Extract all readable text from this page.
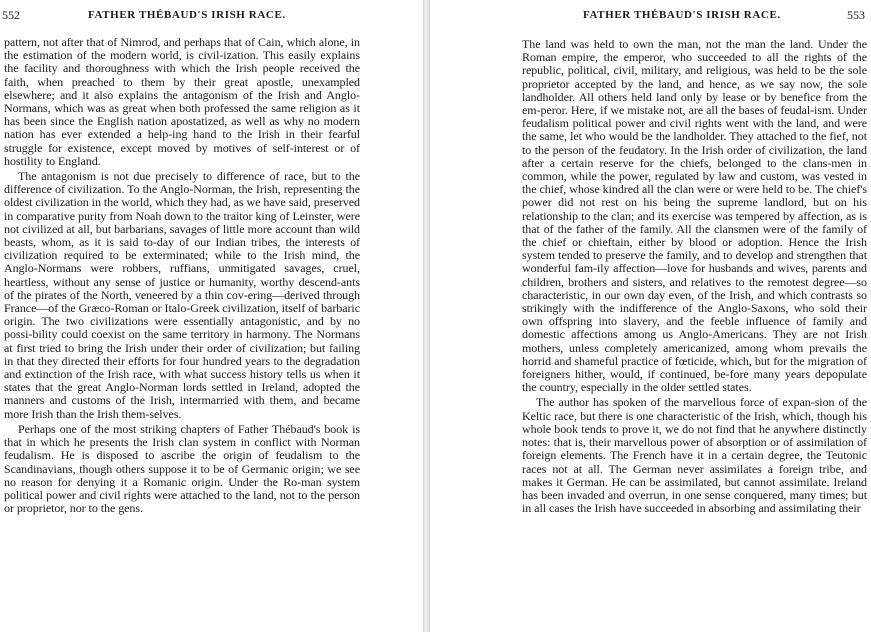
552	FATHER THÉBAUD'S IRISH RACE.

pattern, not after that of Nimrod, and perhaps that of Cain, which alone, in the estimation of the modern world, is civil-ization. This easily explains the facility and thoroughness with which the Irish people received the faith, when preached to them by their great apostle, unexampled elsewhere; and it also explains the antagonism of the Irish and Anglo-Normans, which was as great when both professed the same religion as it has been since the English nation apostatized, as well as why no modern nation has ever extended a help-ing hand to the Irish in their fearful struggle for existence, except moved by motives of self-interest or of hostility to England.

The antagonism is not due precisely to difference of race, but to the difference of civilization. To the Anglo-Norman, the Irish, representing the oldest civilization in the world, which they had, as we have said, preserved in comparative purity from Noah down to the traitor king of Leinster, were not civilized at all, but barbarians, savages of little more account than wild beasts, whom, as it is said to-day of our Indian tribes, the interests of civilization required to be exterminated; while to the Irish mind, the Anglo-Normans were robbers, ruffians, unmitigated savages, cruel, heartless, without any sense of justice or humanity, worthy descend-ants of the pirates of the North, veneered by a thin cov-ering—derived through France—of the Græco-Roman or Italo-Greek civilization, itself of barbaric origin. The two civilizations were essentially antagonistic, and by no possi-bility could coexist on the same territory in harmony. The Normans at first tried to bring the Irish under their order of civilization; but failing in that they directed their efforts for four hundred years to the degradation and extinction of the Irish race, with what success history tells us when it states that the great Anglo-Norman lords settled in Ireland, adopted the manners and customs of the Irish, intermarried with them, and became more Irish than the Irish them-selves.

Perhaps one of the most striking chapters of Father Thébaud's book is that in which he presents the Irish clan system in conflict with Norman feudalism. He is disposed to ascribe the origin of feudalism to the Scandinavians, though others suppose it to be of Germanic origin; we see no reason for denying it a Romanic origin. Under the Ro-man system political power and civil rights were attached to the land, not to the person or proprietor, nor to the gens.

FATHER THÉBAUD'S IRISH RACE.	553

The land was held to own the man, not the man the land. Under the Roman empire, the emperor, who succeeded to all the rights of the republic, political, civil, military, and religious, was held to be the sole proprietor accepted by the land, and hence, as we say now, the sole landholder. All others held land only by lease or by benefice from the em-peror. Here, if we mistake not, are all the bases of feudal-ism. Under feudalism political power and civil rights went with the land, and were the same, let who would be the landholder. They attached to the fief, not to the person of the feudatory. In the Irish order of civilization, the land after a certain reserve for the chiefs, belonged to the clans-men in common, while the power, regulated by law and custom, was vested in the chief, whose kindred all the clan were or were held to be. The chief's power did not rest on his being the supreme landlord, but on his relationship to the clan; and its exercise was tempered by affection, as is that of the father of the family. All the clansmen were of the family of the chief or chieftain, either by blood or adoption. Hence the Irish system tended to preserve the family, and to develop and strengthen that wonderful fam-ily affection—love for husbands and wives, parents and children, brothers and sisters, and relatives to the remotest degree—so characteristic, in our own day even, of the Irish, and which contrasts so strikingly with the indifference of the Anglo-Saxons, who sold their own offspring into slavery, and the feeble influence of family and domestic affections among us Anglo-Americans. They are not Irish mothers, unless completely americanized, among whom prevails the horrid and shameful practice of fœticide, which, but for the migration of foreigners hither, would, if continued, be-fore many years depopulate the country, especially in the older settled states.

The author has spoken of the marvellous force of expan-sion of the Keltic race, but there is one characteristic of the Irish, which, though his whole book tends to prove it, we do not find that he anywhere distinctly notes: that is, their marvellous power of absorption or of assimilation of foreign elements. The French have it in a certain degree, the Teutonic races not at all. The German never assimilates a foreign tribe, and makes it German. He can be assimilated, but cannot assimilate. Ireland has been invaded and overrun, in one sense conquered, many times; but in all cases the Irish have succeeded in absorbing and assimilating their
